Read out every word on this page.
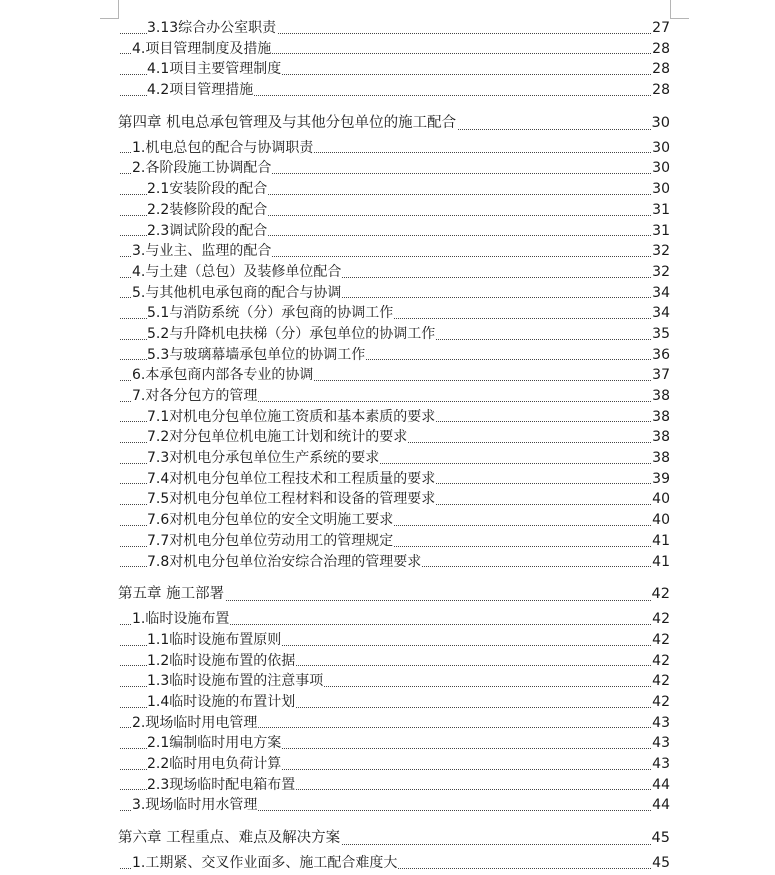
3.13综合办公室职责	27
4.项目管理制度及措施	28
4.1项目主要管理制度	28
4.2项目管理措施	28
第四章 机电总承包管理及与其他分包单位的施工配合	30
1.机电总包的配合与协调职责	30
2.各阶段施工协调配合	30
2.1安装阶段的配合	30
2.2装修阶段的配合	31
2.3调试阶段的配合	31
3.与业主、监理的配合	32
4.与土建（总包）及装修单位配合	32
5.与其他机电承包商的配合与协调	34
5.1与消防系统（分）承包商的协调工作	34
5.2与升降机电扶梯（分）承包单位的协调工作	35
5.3与玻璃幕墙承包单位的协调工作	36
6.本承包商内部各专业的协调	37
7.对各分包方的管理	38
7.1对机电分包单位施工资质和基本素质的要求	38
7.2对分包单位机电施工计划和统计的要求	38
7.3对机电分承包单位生产系统的要求	38
7.4对机电分包单位工程技术和工程质量的要求	39
7.5对机电分包单位工程材料和设备的管理要求	40
7.6对机电分包单位的安全文明施工要求	40
7.7对机电分包单位劳动用工的管理规定	41
7.8对机电分包单位治安综合治理的管理要求	41
第五章 施工部署	42
1.临时设施布置	42
1.1临时设施布置原则	42
1.2临时设施布置的依据	42
1.3临时设施布置的注意事项	42
1.4临时设施的布置计划	42
2.现场临时用电管理	43
2.1编制临时用电方案	43
2.2临时用电负荷计算	43
2.3现场临时配电箱布置	44
3.现场临时用水管理	44
第六章 工程重点、难点及解决方案	45
1.工期紧、交叉作业面多、施工配合难度大	45
